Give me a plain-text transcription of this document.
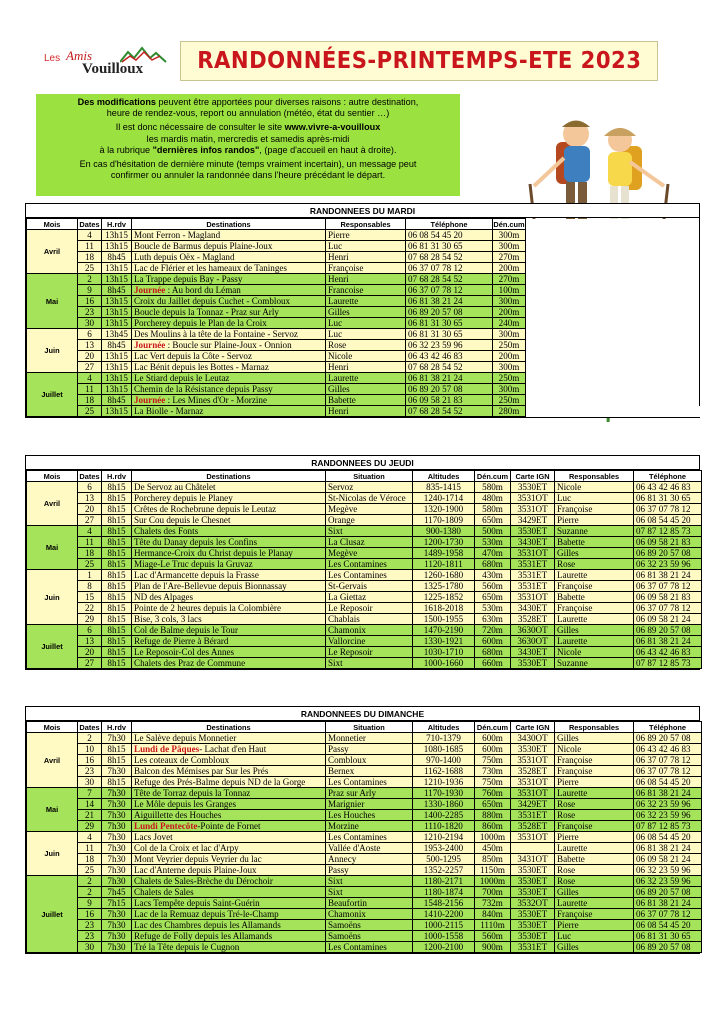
Les Amis
Vouilloux RANDONNÉES-PRINTEMPS-ETE 2023

Des modifications peuvent être apportées pour diverses raisons : autre destination,
heure de rendez-vous, report ou annulation (météo, état du sentier …)

Il est donc nécessaire de consulter le site www.vivre-a-vouilloux
les mardis matin, mercredis et samedis après-midi
à la rubrique "dernières infos randos", (page d'accueil en haut à droite).

En cas d'hésitation de dernière minute (temps vraiment incertain), un message peut
confirmer ou annuler la randonnée dans l'heure précédant le départ.

RANDONNEES DU MARDI
Mois	Dates	H.rdv	Destinations	Responsables	Téléphone	Dén.cum	
Avril	4	13h15	Mont Ferron - Magland	Pierre	06 08 54 45 20	300m	
	11	13h15	Boucle de Barmus depuis Plaine-Joux	Luc	06 81 31 30 65	300m	
	18	8h45	Luth depuis Oëx - Magland	Henri	07 68 28 54 52	270m	
	25	13h15	Lac de Flérier et les hameaux de Taninges	Françoise	06 37 07 78 12	200m	
Mai	2	13h15	La Trappe depuis Bay - Passy	Henri	07 68 28 54 52	270m	
	9	8h45	Journée : Au bord du Léman	Francoise	06 37 07 78 12	100m	
	16	13h15	Croix du Jaillet depuis Cuchet - Combloux	Laurette	06 81 38 21 24	300m	
	23	13h15	Boucle depuis la Tonnaz - Praz sur Arly	Gilles	06 89 20 57 08	200m	
	30	13h15	Porcherey depuis le Plan de la Croix	Luc	06 81 31 30 65	240m	
Juin	6	13h45	Des Moulins à la tête de la Fontaine - Servoz	Luc	06 81 31 30 65	300m	
	13	8h45	Journée : Boucle sur Plaine-Joux - Onnion	Rose	06 32 23 59 96	250m	
	20	13h15	Lac Vert depuis la Côte - Servoz	Nicole	06 43 42 46 83	200m	
	27	13h15	Lac Bénit depuis les Bottes - Marnaz	Henri	07 68 28 54 52	300m	
Juillet	4	13h15	Le Stiard depuis le Leutaz	Laurette	06 81 38 21 24	250m	
	11	13h15	Chemin de la Résistance depuis Passy	Gilles	06 89 20 57 08	300m	
	18	8h45	Journée : Les Mines d'Or - Morzine	Babette	06 09 58 21 83	250m	
	25	13h15	La Biolle - Marnaz	Henri	07 68 28 54 52	280m	
RANDONNEES DU JEUDI
Mois	Dates	H.rdv	Destinations	Situation	Altitudes	Dén.cum	Carte IGN	Responsables	Téléphone
Avril	6	8h15	De Servoz au Châtelet	Servoz	835-1415	580m	3530ET	Nicole	06 43 42 46 83
	13	8h15	Porcherey depuis le Planey	St-Nicolas de Véroce	1240-1714	480m	3531OT	Luc	06 81 31 30 65
	20	8h15	Crêtes de Rochebrune depuis le Leutaz	Megève	1320-1900	580m	3531OT	Françoise	06 37 07 78 12
	27	8h15	Sur Cou depuis le Chesnet	Orange	1170-1809	650m	3429ET	Pierre	06 08 54 45 20
Mai	4	8h15	Chalets des Fonts	Sixt	900-1380	500m	3530ET	Suzanne	07 87 12 85 73
	11	8h15	Tête du Danay depuis les Confins	La Clusaz	1200-1730	530m	3430ET	Babette	06 09 58 21 83
	18	8h15	Hermance-Croix du Christ depuis le Planay	Megève	1489-1958	470m	3531OT	Gilles	06 89 20 57 08
	25	8h15	Miage-Le Truc depuis la Gruvaz	Les Contamines	1120-1811	680m	3531ET	Rose	06 32 23 59 96
Juin	1	8h15	Lac d'Armancette depuis la Frasse	Les Contamines	1260-1680	430m	3531ET	Laurette	06 81 38 21 24
	8	8h15	Plan de l'Are-Bellevue depuis Bionnassay	St-Gervais	1325-1780	560m	3531ET	Françoise	06 37 07 78 12
	15	8h15	ND des Alpages	La Giettaz	1225-1852	650m	3531OT	Babette	06 09 58 21 83
	22	8h15	Pointe de 2 heures depuis la Colombière	Le Reposoir	1618-2018	530m	3430ET	Françoise	06 37 07 78 12
	29	8h15	Bise, 3 cols, 3 lacs	Chablais	1500-1955	630m	3528ET	Laurette	06 09 58 21 24
Juillet	6	8h15	Col de Balme depuis le Tour	Chamonix	1470-2190	720m	3630OT	Gilles	06 89 20 57 08
	13	8h15	Refuge de Pierre à Bérard	Vallorcine	1330-1921	600m	3630OT	Laurette	06 81 38 21 24
	20	8h15	Le Reposoir-Col des Annes	Le Reposoir	1030-1710	680m	3430ET	Nicole	06 43 42 46 83
	27	8h15	Chalets des Praz de Commune	Sixt	1000-1660	660m	3530ET	Suzanne	07 87 12 85 73
RANDONNEES DU DIMANCHE
Mois	Dates	H.rdv	Destinations	Situation	Altitudes	Dén.cum	Carte IGN	Responsables	Téléphone
Avril	2	7h30	Le Salève depuis Monnetier	Monnetier	710-1379	600m	3430OT	Gilles	06 89 20 57 08
	10	8h15	Lundi de Pâques- Lachat d'en Haut	Passy	1080-1685	600m	3530ET	Nicole	06 43 42 46 83
	16	8h15	Les coteaux de Combloux	Combloux	970-1400	750m	3531OT	Françoise	06 37 07 78 12
	23	7h30	Balcon des Mémises par Sur les Prés	Bernex	1162-1688	730m	3528ET	Françoise	06 37 07 78 12
	30	8h15	Refuge des Prés-Balme depuis ND de la Gorge	Les Contamines	1210-1936	750m	3531OT	Pierre	06 08 54 45 20
Mai	7	7h30	Tête de Torraz depuis la Tonnaz	Praz sur Arly	1170-1930	760m	3531OT	Laurette	06 81 38 21 24
	14	7h30	Le Môle depuis les Granges	Marignier	1330-1860	650m	3429ET	Rose	06 32 23 59 96
	21	7h30	Aiguillette des Houches	Les Houches	1400-2285	880m	3531ET	Rose	06 32 23 59 96
	29	7h30	Lundi Pentecôte-Pointe de Fornet	Morzine	1110-1820	860m	3528ET	Françoise	07 87 12 85 73
Juin	4	7h30	Lacs Jovet	Les Contamines	1210-2194	1000m	3531OT	Pierre	06 08 54 45 20
	11	7h30	Col de la Croix et lac d'Arpy	Vallée d'Aoste	1953-2400	450m		Laurette	06 81 38 21 24
	18	7h30	Mont Veyrier depuis Veyrier du lac	Annecy	500-1295	850m	3431OT	Babette	06 09 58 21 24
	25	7h30	Lac d'Anterne depuis Plaine-Joux	Passy	1352-2257	1150m	3530ET	Rose	06 32 23 59 96
Juillet	2	7h30	Chalets de Sales-Brèche du Dérochoir	Sixt	1180-2171	1000m	3530ET	Rose	06 32 23 59 96
	2	7h45	Chalets de Sales	Sixt	1180-1874	700m	3530ET	Gilles	06 89 20 57 08
	9	7h15	Lacs Tempête depuis Saint-Guérin	Beaufortin	1548-2156	732m	3532OT	Laurette	06 81 38 21 24
	16	7h30	Lac de la Remuaz depuis Tré-le-Champ	Chamonix	1410-2200	840m	3530ET	Françoise	06 37 07 78 12
	23	7h30	Lac des Chambres depuis les Allamands	Samoëns	1000-2115	1110m	3530ET	Pierre	06 08 54 45 20
	23	7h30	Refuge de Folly depuis les Allamands	Samoëns	1000-1558	560m	3530ET	Luc	06 81 31 30 65
	30	7h30	Tré la Tête depuis le Cugnon	Les Contamines	1200-2100	900m	3531ET	Gilles	06 89 20 57 08
